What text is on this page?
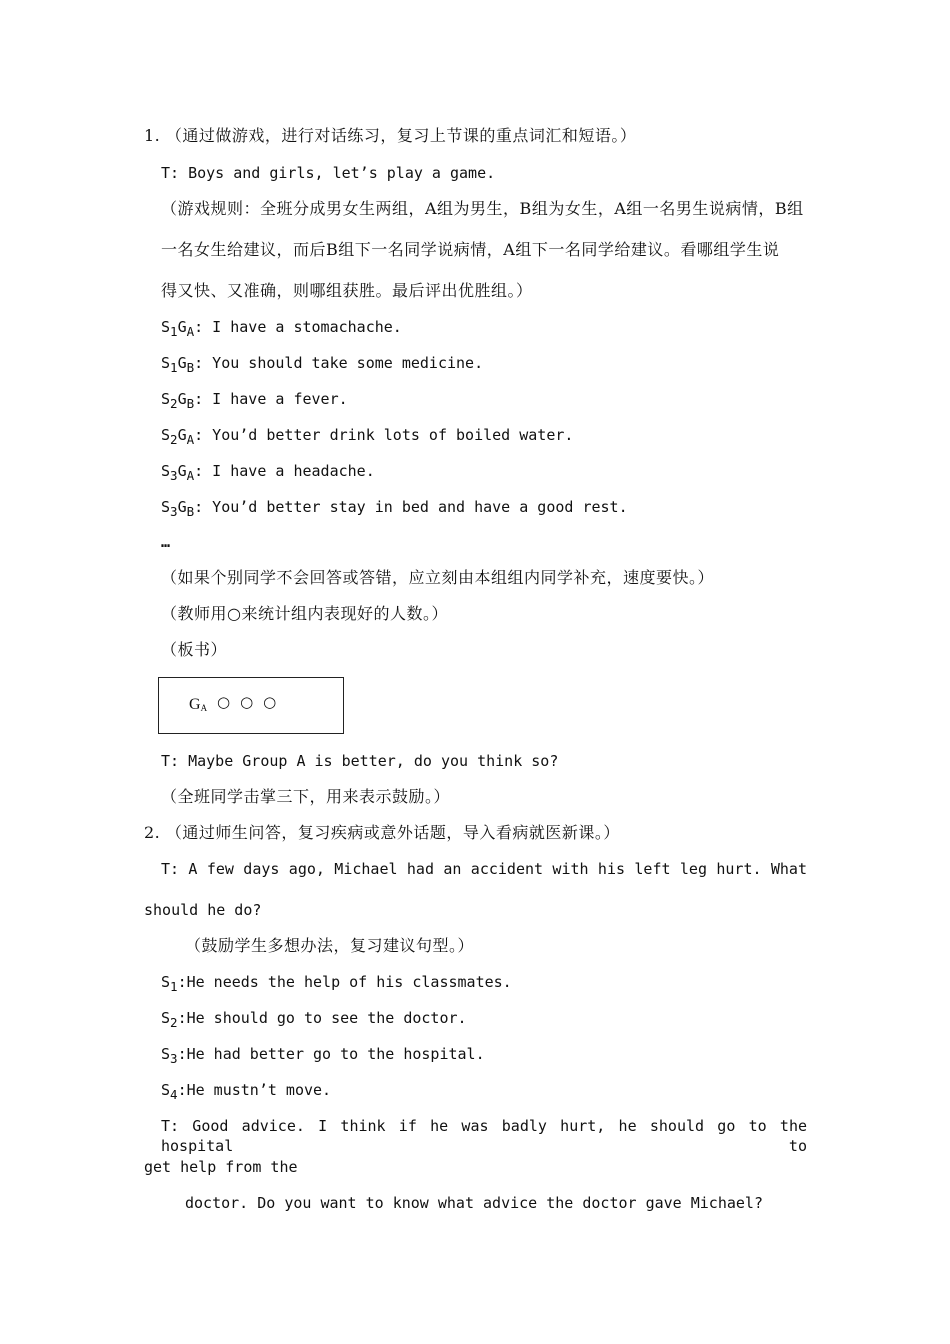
1. （通过做游戏，进行对话练习，复习上节课的重点词汇和短语。）
T: Boys and girls, let’s play a game.
（游戏规则：全班分成男女生两组，A组为男生，B组为女生，A组一名男生说病情，B组
一名女生给建议，而后B组下一名同学说病情，A组下一名同学给建议。看哪组学生说
得又快、又准确，则哪组获胜。最后评出优胜组。）
$S_1G_A$: I have a stomachache.
$S_1G_B$: You should take some medicine.
$S_2G_B$: I have a fever.
$S_2G_A$: You’d better drink lots of boiled water.
$S_3G_A$: I have a headache.
$S_3G_B$: You’d better stay in bed and have a good rest.
…
（如果个别同学不会回答或答错，应立刻由本组组内同学补充，速度要快。）
（教师用○来统计组内表现好的人数。）
（板书）
$G_A$ ○○○
T: Maybe Group A is better, do you think so?
（全班同学击掌三下，用来表示鼓励。）
2. （通过师生问答，复习疾病或意外话题，导入看病就医新课。）
T: A few days ago, Michael had an accident with his left leg hurt. What
should he do?
（鼓励学生多想办法，复习建议句型。）
$S_1:He$ needs the help of his classmates.
$S_2:He$ should go to see the doctor.
$S_3:He$ had better go to the hospital.
$S_4:He$ mustn’t move.
T: Good advice. I think if he was badly hurt, he should go to the hospital to
get help from the
doctor. Do you want to know what advice the doctor gave Michael?
